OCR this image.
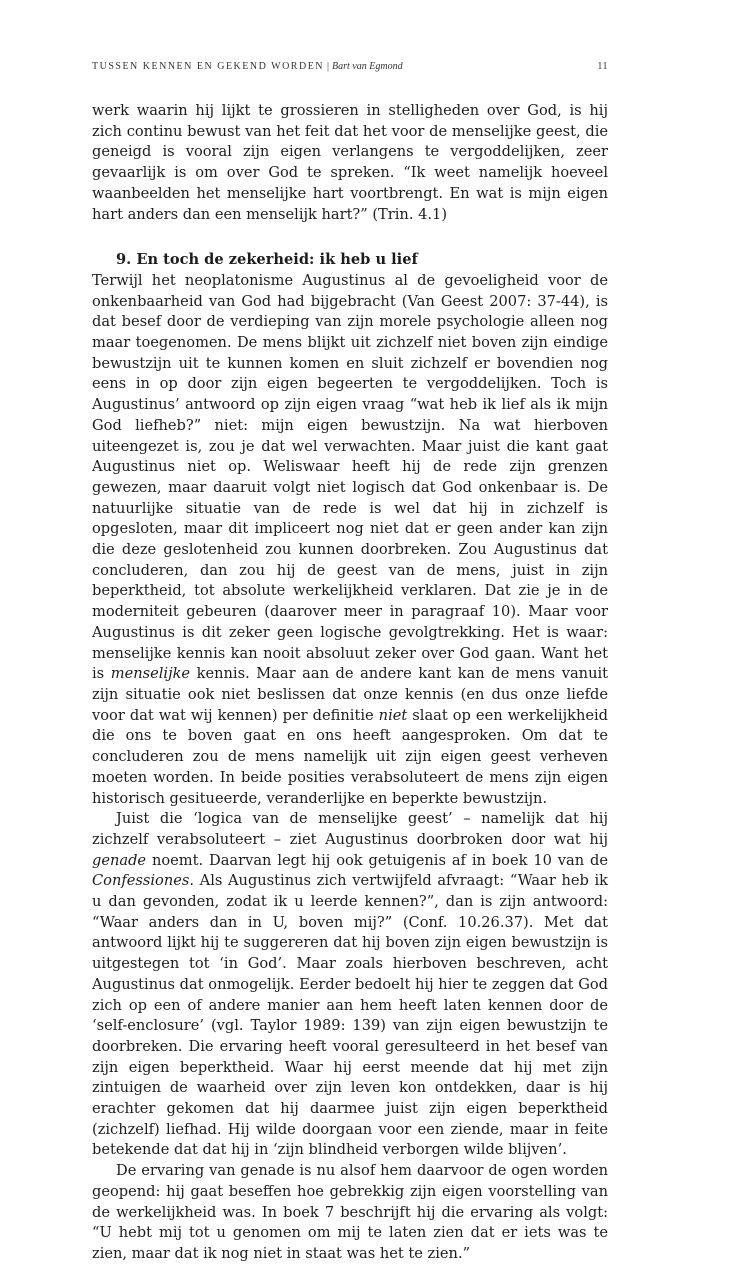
TUSSEN KENNEN EN GEKEND WORDEN | Bart van Egmond	11

werk waarin hij lijkt te grossieren in stelligheden over God, is hij zich continu bewust van het feit dat het voor de menselijke geest, die geneigd is vooral zijn eigen verlangens te vergoddelijken, zeer gevaarlijk is om over God te spreken. “Ik weet namelijk hoeveel waanbeelden het menselijke hart voortbrengt. En wat is mijn eigen hart anders dan een menselijk hart?” (Trin. 4.1)

9. En toch de zekerheid: ik heb u lief

Terwijl het neoplatonisme Augustinus al de gevoeligheid voor de onkenbaarheid van God had bijgebracht (Van Geest 2007: 37-44), is dat besef door de verdieping van zijn morele psychologie alleen nog maar toegenomen. De mens blijkt uit zichzelf niet boven zijn eindige bewustzijn uit te kunnen komen en sluit zichzelf er bovendien nog eens in op door zijn eigen begeerten te vergoddelijken. Toch is Augustinus’ antwoord op zijn eigen vraag “wat heb ik lief als ik mijn God liefheb?” niet: mijn eigen bewustzijn. Na wat hierboven uiteengezet is, zou je dat wel verwachten. Maar juist die kant gaat Augustinus niet op. Weliswaar heeft hij de rede zijn grenzen gewezen, maar daaruit volgt niet logisch dat God onkenbaar is. De natuurlijke situatie van de rede is wel dat hij in zichzelf is opgesloten, maar dit impliceert nog niet dat er geen ander kan zijn die deze geslotenheid zou kunnen doorbreken. Zou Augustinus dat concluderen, dan zou hij de geest van de mens, juist in zijn beperktheid, tot absolute werkelijkheid verklaren. Dat zie je in de moderniteit gebeuren (daarover meer in paragraaf 10). Maar voor Augustinus is dit zeker geen logische gevolgtrekking. Het is waar: menselijke kennis kan nooit absoluut zeker over God gaan. Want het is menselijke kennis. Maar aan de andere kant kan de mens vanuit zijn situatie ook niet beslissen dat onze kennis (en dus onze liefde voor dat wat wij kennen) per definitie niet slaat op een werkelijkheid die ons te boven gaat en ons heeft aangesproken. Om dat te concluderen zou de mens namelijk uit zijn eigen geest verheven moeten worden. In beide posities verabsoluteert de mens zijn eigen historisch gesitueerde, veranderlijke en beperkte bewustzijn.

Juist die ‘logica van de menselijke geest’ – namelijk dat hij zichzelf verabsoluteert – ziet Augustinus doorbroken door wat hij genade noemt. Daarvan legt hij ook getuigenis af in boek 10 van de Confessiones. Als Augustinus zich vertwijfeld afvraagt: “Waar heb ik u dan gevonden, zodat ik u leerde kennen?”, dan is zijn antwoord: “Waar anders dan in U, boven mij?” (Conf. 10.26.37). Met dat antwoord lijkt hij te suggereren dat hij boven zijn eigen bewustzijn is uitgestegen tot ‘in God’. Maar zoals hierboven beschreven, acht Augustinus dat onmogelijk. Eerder bedoelt hij hier te zeggen dat God zich op een of andere manier aan hem heeft laten kennen door de ‘self-enclosure’ (vgl. Taylor 1989: 139) van zijn eigen bewustzijn te doorbreken. Die ervaring heeft vooral geresulteerd in het besef van zijn eigen beperktheid. Waar hij eerst meende dat hij met zijn zintuigen de waarheid over zijn leven kon ontdekken, daar is hij erachter gekomen dat hij daarmee juist zijn eigen beperktheid (zichzelf) liefhad. Hij wilde doorgaan voor een ziende, maar in feite betekende dat dat hij in ‘zijn blindheid verborgen wilde blijven’.

De ervaring van genade is nu alsof hem daarvoor de ogen worden geopend: hij gaat beseffen hoe gebrekkig zijn eigen voorstelling van de werkelijkheid was. In boek 7 beschrijft hij die ervaring als volgt: “U hebt mij tot u genomen om mij te laten zien dat er iets was te zien, maar dat ik nog niet in staat was het te zien.”
